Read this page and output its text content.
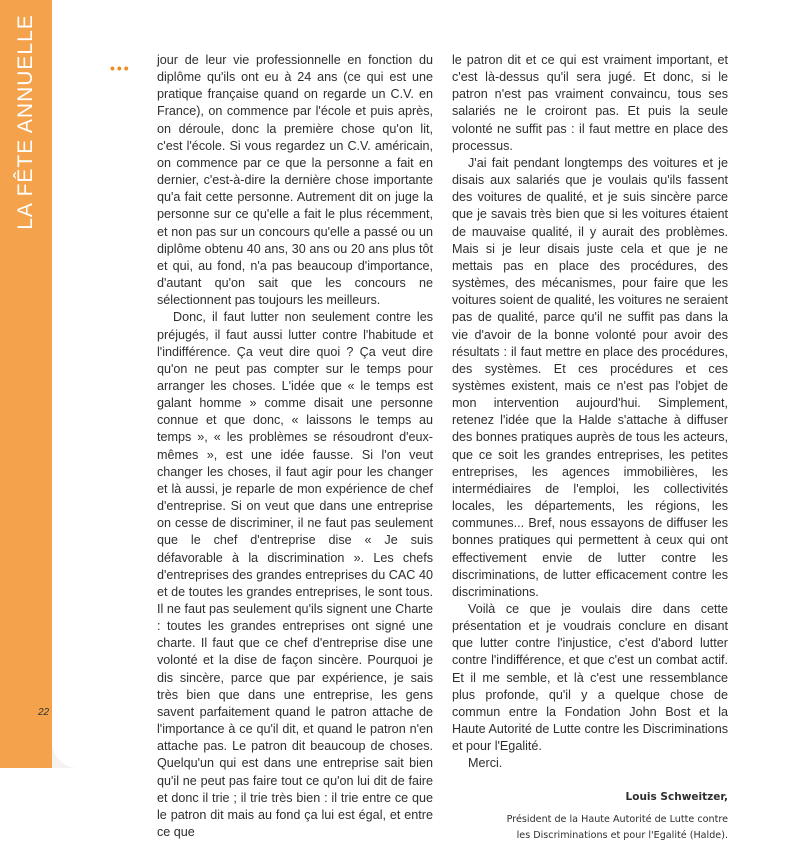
LA FÊTE ANNUELLE
22
••• jour de leur vie professionnelle en fonction du diplôme qu'ils ont eu à 24 ans (ce qui est une pratique française quand on regarde un C.V. en France), on commence par l'école et puis après, on déroule, donc la première chose qu'on lit, c'est l'école. Si vous regardez un C.V. américain, on commence par ce que la personne a fait en dernier, c'est-à-dire la dernière chose importante qu'a fait cette personne. Autrement dit on juge la personne sur ce qu'elle a fait le plus récemment, et non pas sur un concours qu'elle a passé ou un diplôme obtenu 40 ans, 30 ans ou 20 ans plus tôt et qui, au fond, n'a pas beaucoup d'importance, d'autant qu'on sait que les concours ne sélectionnent pas toujours les meilleurs.

Donc, il faut lutter non seulement contre les préjugés, il faut aussi lutter contre l'habitude et l'indifférence. Ça veut dire quoi ? Ça veut dire qu'on ne peut pas compter sur le temps pour arranger les choses. L'idée que « le temps est galant homme » comme disait une personne connue et que donc, « laissons le temps au temps », « les problèmes se résoudront d'eux-mêmes », est une idée fausse. Si l'on veut changer les choses, il faut agir pour les changer et là aussi, je reparle de mon expérience de chef d'entreprise. Si on veut que dans une entreprise on cesse de discriminer, il ne faut pas seulement que le chef d'entreprise dise « Je suis défavorable à la discrimination ». Les chefs d'entreprises des grandes entreprises du CAC 40 et de toutes les grandes entreprises, le sont tous. Il ne faut pas seulement qu'ils signent une Charte : toutes les grandes entreprises ont signé une charte. Il faut que ce chef d'entreprise dise une volonté et la dise de façon sincère. Pourquoi je dis sincère, parce que par expérience, je sais très bien que dans une entreprise, les gens savent parfaitement quand le patron attache de l'importance à ce qu'il dit, et quand le patron n'en attache pas. Le patron dit beaucoup de choses. Quelqu'un qui est dans une entreprise sait bien qu'il ne peut pas faire tout ce qu'on lui dit de faire et donc il trie ; il trie très bien : il trie entre ce que le patron dit mais au fond ça lui est égal, et entre ce que

le patron dit et ce qui est vraiment important, et c'est là-dessus qu'il sera jugé. Et donc, si le patron n'est pas vraiment convaincu, tous ses salariés ne le croiront pas. Et puis la seule volonté ne suffit pas : il faut mettre en place des processus.

J'ai fait pendant longtemps des voitures et je disais aux salariés que je voulais qu'ils fassent des voitures de qualité, et je suis sincère parce que je savais très bien que si les voitures étaient de mauvaise qualité, il y aurait des problèmes. Mais si je leur disais juste cela et que je ne mettais pas en place des procédures, des systèmes, des mécanismes, pour faire que les voitures soient de qualité, les voitures ne seraient pas de qualité, parce qu'il ne suffit pas dans la vie d'avoir de la bonne volonté pour avoir des résultats : il faut mettre en place des procédures, des systèmes. Et ces procédures et ces systèmes existent, mais ce n'est pas l'objet de mon intervention aujourd'hui. Simplement, retenez l'idée que la Halde s'attache à diffuser des bonnes pratiques auprès de tous les acteurs, que ce soit les grandes entreprises, les petites entreprises, les agences immobilières, les intermédiaires de l'emploi, les collectivités locales, les départements, les régions, les communes... Bref, nous essayons de diffuser les bonnes pratiques qui permettent à ceux qui ont effectivement envie de lutter contre les discriminations, de lutter efficacement contre les discriminations.

Voilà ce que je voulais dire dans cette présentation et je voudrais conclure en disant que lutter contre l'injustice, c'est d'abord lutter contre l'indifférence, et que c'est un combat actif. Et il me semble, et là c'est une ressemblance plus profonde, qu'il y a quelque chose de commun entre la Fondation John Bost et la Haute Autorité de Lutte contre les Discriminations et pour l'Egalité.

Merci.

Louis Schweitzer,
Président de la Haute Autorité de Lutte contre
les Discriminations et pour l'Egalité (Halde).
